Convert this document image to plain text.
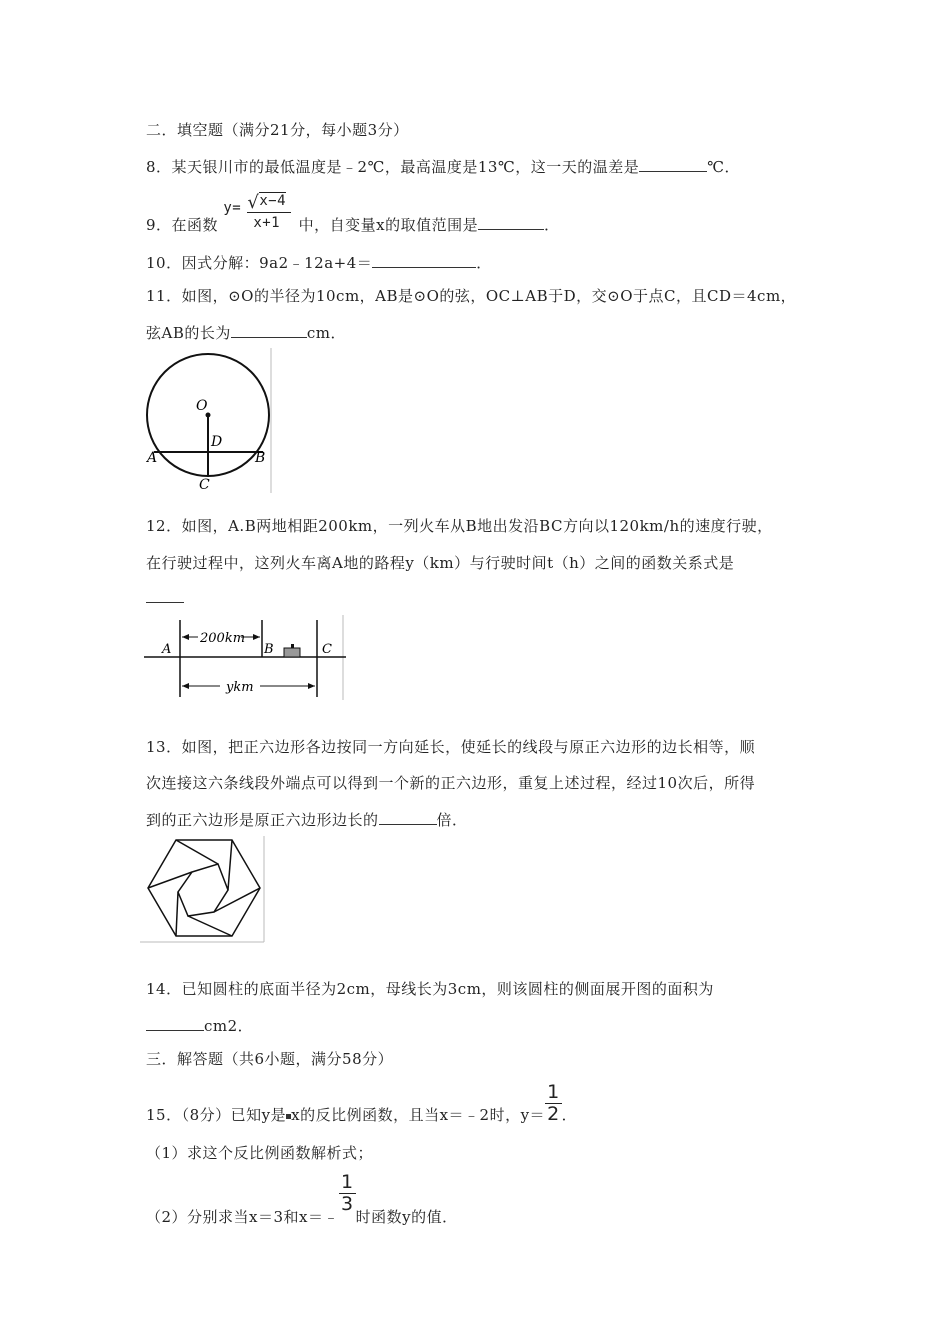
二．填空题（满分21分，每小题3分）
8．某天银川市的最低温度是﹣2℃，最高温度是13℃，这一天的温差是	℃．
9．在函数
y= √ x−4
x+1 中，自变量x的取值范围是	．
10．因式分解：9a2﹣12a+4＝	．
11．如图，⊙O的半径为10cm，AB是⊙O的弦，OC⊥AB于D，交⊙O于点C，且CD＝4cm，
弦AB的长为	cm．
O
D
A	B
C
12．如图，A.B两地相距200km，一列火车从B地出发沿BC方向以120km/h的速度行驶，
在行驶过程中，这列火车离A地的路程y（km）与行驶时间t（h）之间的函数关系式是
200km
A	B	C
ykm
13．如图，把正六边形各边按同一方向延长，使延长的线段与原正六边形的边长相等，顺
次连接这六条线段外端点可以得到一个新的正六边形，重复上述过程，经过10次后，所得
到的正六边形是原正六边形边长的	倍．
14．已知圆柱的底面半径为2cm，母线长为3cm，则该圆柱的侧面展开图的面积为
cm2．
三．解答题（共6小题，满分58分）
15．（8分）已知y是 x的反比例函数，且当x＝﹣2时，$y= \frac{1}{2}$ ．
（1）求这个反比例函数解析式；
（2）分别求当x＝3和x＝﹣
$\frac{1}{3}$
时函数y的值．
